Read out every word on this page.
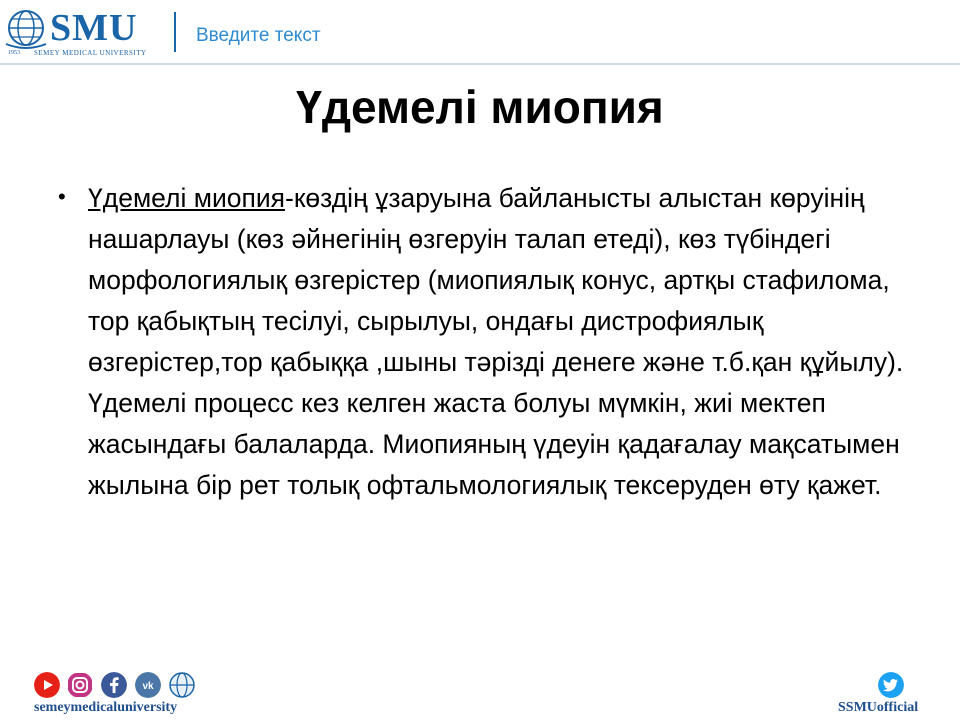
SMU
1953 SEMEY MEDICAL UNIVERSITY
Введите текст
Үдемелі миопия
• Үдемелі миопия-көздің ұзаруына байланысты алыстан көруінің нашарлауы (көз әйнегінің өзгеруін талап етеді), көз түбіндегі морфологиялық өзгерістер (миопиялық конус, артқы стафилома, тор қабықтың тесілуі, сырылуы, ондағы дистрофиялық өзгерістер,тор қабыққа ,шыны тәрізді денеге және т.б.қан құйылу). Үдемелі процесс кез келген жаста болуы мүмкін, жиі мектеп жасындағы балаларда. Миопияның үдеуін қадағалау мақсатымен жылына бір рет толық офтальмологиялық тексеруден өту қажет.
vk
semeymedicaluniversity	SSMUofficial
